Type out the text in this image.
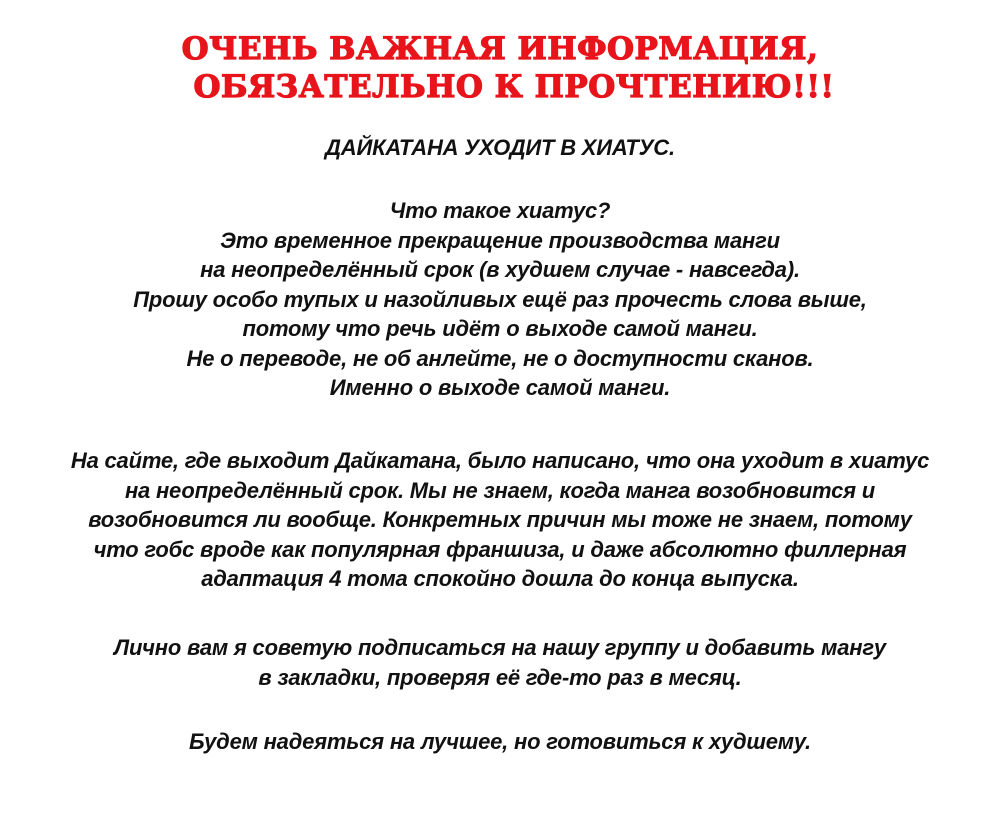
ОЧЕНЬ ВАЖНАЯ ИНФОРМАЦИЯ,
ОБЯЗАТЕЛЬНО К ПРОЧТЕНИЮ!!!
ДАЙКАТАНА УХОДИТ В ХИАТУС.
Что такое хиатус?
Это временное прекращение производства манги
на неопределённый срок (в худшем случае - навсегда).
Прошу особо тупых и назойливых ещё раз прочесть слова выше,
потому что речь идёт о выходе самой манги.
Не о переводе, не об анлейте, не о доступности сканов.
Именно о выходе самой манги.
На сайте, где выходит Дайкатана, было написано, что она уходит в хиатус
на неопределённый срок. Мы не знаем, когда манга возобновится и
возобновится ли вообще. Конкретных причин мы тоже не знаем, потому
что гобс вроде как популярная франшиза, и даже абсолютно филлерная
адаптация 4 тома спокойно дошла до конца выпуска.
Лично вам я советую подписаться на нашу группу и добавить мангу
в закладки, проверяя её где-то раз в месяц.
Будем надеяться на лучшее, но готовиться к худшему.
